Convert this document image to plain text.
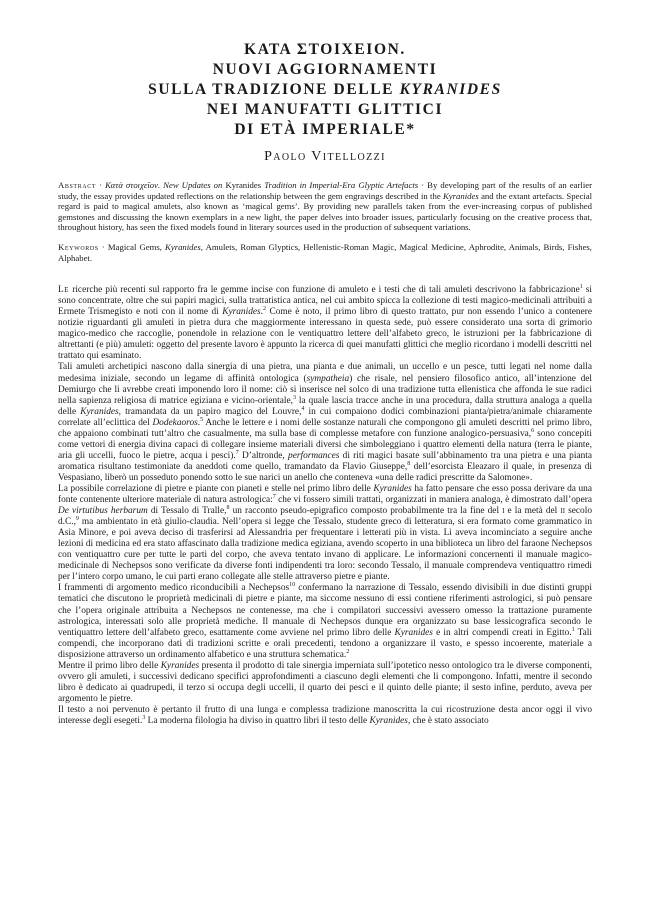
ΚΑΤΑ ΣΤΟΙΧΕΙΟΝ.
NUOVI AGGIORNAMENTI
SULLA TRADIZIONE DELLE KYRANIDES
NEI MANUFATTI GLITTICI
DI ETÀ IMPERIALE*
Paolo Vitellozzi
Abstract · Κατὰ στοιχεῖον. New Updates on Kyranides Tradition in Imperial-Era Glyptic Artefacts · By developing part of the results of an earlier study, the essay provides updated reflections on the relationship between the gem engravings described in the Kyranides and the extant artefacts. Special regard is paid to magical amulets, also known as ‘magical gems’. By providing new parallels taken from the ever-increasing corpus of published gemstones and discussing the known exemplars in a new light, the paper delves into broader issues, particularly focusing on the creative process that, throughout history, has seen the fixed models found in literary sources used in the production of subsequent variations.
Keywords · Magical Gems, Kyranides, Amulets, Roman Glyptics, Hellenistic-Roman Magic, Magical Medicine, Aphrodite, Animals, Birds, Fishes, Alphabet.

Le ricerche più recenti sul rapporto fra le gemme incise con funzione di amuleto e i testi che di tali amuleti descrivono la fabbricazione$^1$ si sono concentrate, oltre che sui papiri magici, sulla trattatistica antica, nel cui ambito spicca la collezione di testi magico-medicinali attribuiti a Ermete Trismegisto e noti con il nome di Kyranides.$^2$ Come è noto, il primo libro di questo trattato, pur non essendo l’unico a contenere notizie riguardanti gli amuleti in pietra dura che maggiormente interessano in questa sede, può essere considerato una sorta di grimorio magico-medico che raccoglie, ponendole in relazione con le ventiquattro lettere dell’alfabeto greco, le istruzioni per la fabbricazione di altrettanti (e più) amuleti: oggetto del presente lavoro è appunto la ricerca di quei manufatti glittici che meglio ricordano i modelli descritti nel trattato qui esaminato.

Tali amuleti archetipici nascono dalla sinergia di una pietra, una pianta e due animali, un uccello e un pesce, tutti legati nel nome dalla medesima iniziale, secondo un legame di affinità ontologica (sympatheia) che risale, nel pensiero filosofico antico, all’intenzione del Demiurgo che li avrebbe creati imponendo loro il nome: ciò si inserisce nel solco di una tradizione tutta ellenistica che affonda le sue radici nella sapienza religiosa di matrice egiziana e vicino-orientale,$^3$ la quale lascia tracce anche in una procedura, dalla struttura analoga a quella delle Kyranides, tramandata da un papiro magico del Louvre,$^4$ in cui compaiono dodici combinazioni pianta/pietra/animale chiaramente correlate all’eclittica del Dodekaoros.$^5$ Anche le lettere e i nomi delle sostanze naturali che compongono gli amuleti descritti nel primo libro, che appaiono combinati tutt’altro che casualmente, ma sulla base di complesse metafore con funzione analogico-persuasiva,$^6$ sono concepiti come vettori di energia divina capaci di collegare insieme materiali diversi che simboleggiano i quattro elementi della natura (terra le piante, aria gli uccelli, fuoco le pietre, acqua i pesci).$^7$ D’altronde, performances di riti magici basate sull’abbinamento tra una pietra e una pianta aromatica risultano testimoniate da aneddoti come quello, tramandato da Flavio Giuseppe,$^8$ dell’esorcista Eleazaro il quale, in presenza di Vespasiano, liberò un posseduto ponendo sotto le sue narici un anello che conteneva «una delle radici prescritte da Salomone».

La possibile correlazione di pietre e piante con pianeti e stelle nel primo libro delle Kyranides ha fatto pensare che esso possa derivare da una fonte contenente ulteriore materiale di natura astrologica:$^7$ che vi fossero simili trattati, organizzati in maniera analoga, è dimostrato dall’opera De virtutibus herbarum di Tessalo di Tralle,$^8$ un racconto pseudo-epigrafico composto probabilmente tra la fine del i e la metà del ii secolo d.C.,$^9$ ma ambientato in età giulio-claudia. Nell’opera si legge che Tessalo, studente greco di letteratura, si era formato come grammatico in Asia Minore, e poi aveva deciso di trasferirsi ad Alessandria per frequentare i letterati più in vista. Lì aveva incominciato a seguire anche lezioni di medicina ed era stato affascinato dalla tradizione medica egiziana, avendo scoperto in una biblioteca un libro del faraone Nechepsos con ventiquattro cure per tutte le parti del corpo, che aveva tentato invano di applicare. Le informazioni concernenti il manuale magico-medicinale di Nechepsos sono verificate da diverse fonti indipendenti tra loro: secondo Tessalo, il manuale comprendeva ventiquattro rimedi per l’intero corpo umano, le cui parti erano collegate alle stelle attraverso pietre e piante.

I frammenti di argomento medico riconducibili a Nechepsos$^{10}$ confermano la narrazione di Tessalo, essendo divisibili in due distinti gruppi tematici che discutono le proprietà medicinali di pietre e piante, ma siccome nessuno di essi contiene riferimenti astrologici, si può pensare che l’opera originale attribuita a Nechepsos ne contenesse, ma che i compilatori successivi avessero omesso la trattazione puramente astrologica, interessati solo alle proprietà mediche. Il manuale di Nechepsos dunque era organizzato su base lessicografica secondo le ventiquattro lettere dell’alfabeto greco, esattamente come avviene nel primo libro delle Kyranides e in altri compendi creati in Egitto.$^1$ Tali compendi, che incorporano dati di tradizioni scritte e orali precedenti, tendono a organizzare il vasto, e spesso incoerente, materiale a disposizione attraverso un ordinamento alfabetico e una struttura schematica.$^2$

Mentre il primo libro delle Kyranides presenta il prodotto di tale sinergia imperniata sull’ipotetico nesso ontologico tra le diverse componenti, ovvero gli amuleti, i successivi dedicano specifici approfondimenti a ciascuno degli elementi che li compongono. Infatti, mentre il secondo libro è dedicato ai quadrupedi, il terzo si occupa degli uccelli, il quarto dei pesci e il quinto delle piante; il sesto infine, perduto, aveva per argomento le pietre.

Il testo a noi pervenuto è pertanto il frutto di una lunga e complessa tradizione manoscritta la cui ricostruzione desta ancor oggi il vivo interesse degli esegeti.$^3$ La moderna filologia ha diviso in quattro libri il testo delle Kyranides, che è stato associato
